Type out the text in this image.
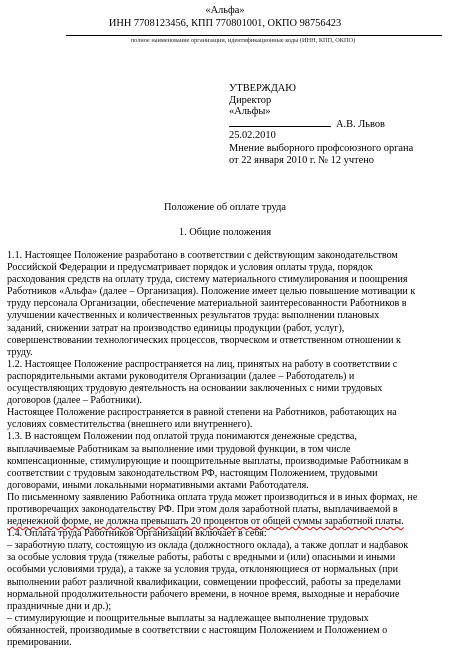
«Альфа»
ИНН 7708123456, КПП 770801001, ОКПО 98756423
полное наименование организации, идентификационные коды (ИНН, КПП, ОКПО)
УТВЕРЖДАЮ
Директор
«Альфы»
А.В. Львов
25.02.2010
Мнение выборного профсоюзного органа
от 22 января 2010 г. № 12 учтено
Положение об оплате труда
1. Общие положения
1.1. Настоящее Положение разработано в соответствии с действующим законодательством
Российской Федерации и предусматривает порядок и условия оплаты труда, порядок
расходования средств на оплату труда, систему материального стимулирования и поощрения
Работников «Альфа» (далее – Организация). Положение имеет целью повышение мотивации к
труду персонала Организации, обеспечение материальной заинтересованности Работников в
улучшении качественных и количественных результатов труда: выполнении плановых
заданий, снижении затрат на производство единицы продукции (работ, услуг),
совершенствовании технологических процессов, творческом и ответственном отношении к
труду.
1.2. Настоящее Положение распространяется на лиц, принятых на работу в соответствии с
распорядительными актами руководителя Организации (далее – Работодатель) и
осуществляющих трудовую деятельность на основании заключенных с ними трудовых
договоров (далее – Работники).
Настоящее Положение распространяется в равной степени на Работников, работающих на
условиях совместительства (внешнего или внутреннего).
1.3. В настоящем Положении под оплатой труда понимаются денежные средства,
выплачиваемые Работникам за выполнение ими трудовой функции, в том числе
компенсационные, стимулирующие и поощрительные выплаты, производимые Работникам в
соответствии с трудовым законодательством РФ, настоящим Положением, трудовыми
договорами, иными локальными нормативными актами Работодателя.
По письменному заявлению Работника оплата труда может производиться и в иных формах, не
противоречащих законодательству РФ. При этом доля заработной платы, выплачиваемой в
неденежной форме, не должна превышать 20 процентов от общей суммы заработной платы.
1.4. Оплата труда Работников Организации включает в себя:
– заработную плату, состоящую из оклада (должностного оклада), а также доплат и надбавок
за особые условия труда (тяжелые работы, работы с вредными и (или) опасными и иными
особыми условиями труда), а также за условия труда, отклоняющиеся от нормальных (при
выполнении работ различной квалификации, совмещении профессий, работы за пределами
нормальной продолжительности рабочего времени, в ночное время, выходные и нерабочие
праздничные дни и др.);
– стимулирующие и поощрительные выплаты за надлежащее выполнение трудовых
обязанностей, производимые в соответствии с настоящим Положением и Положением о
премировании.
